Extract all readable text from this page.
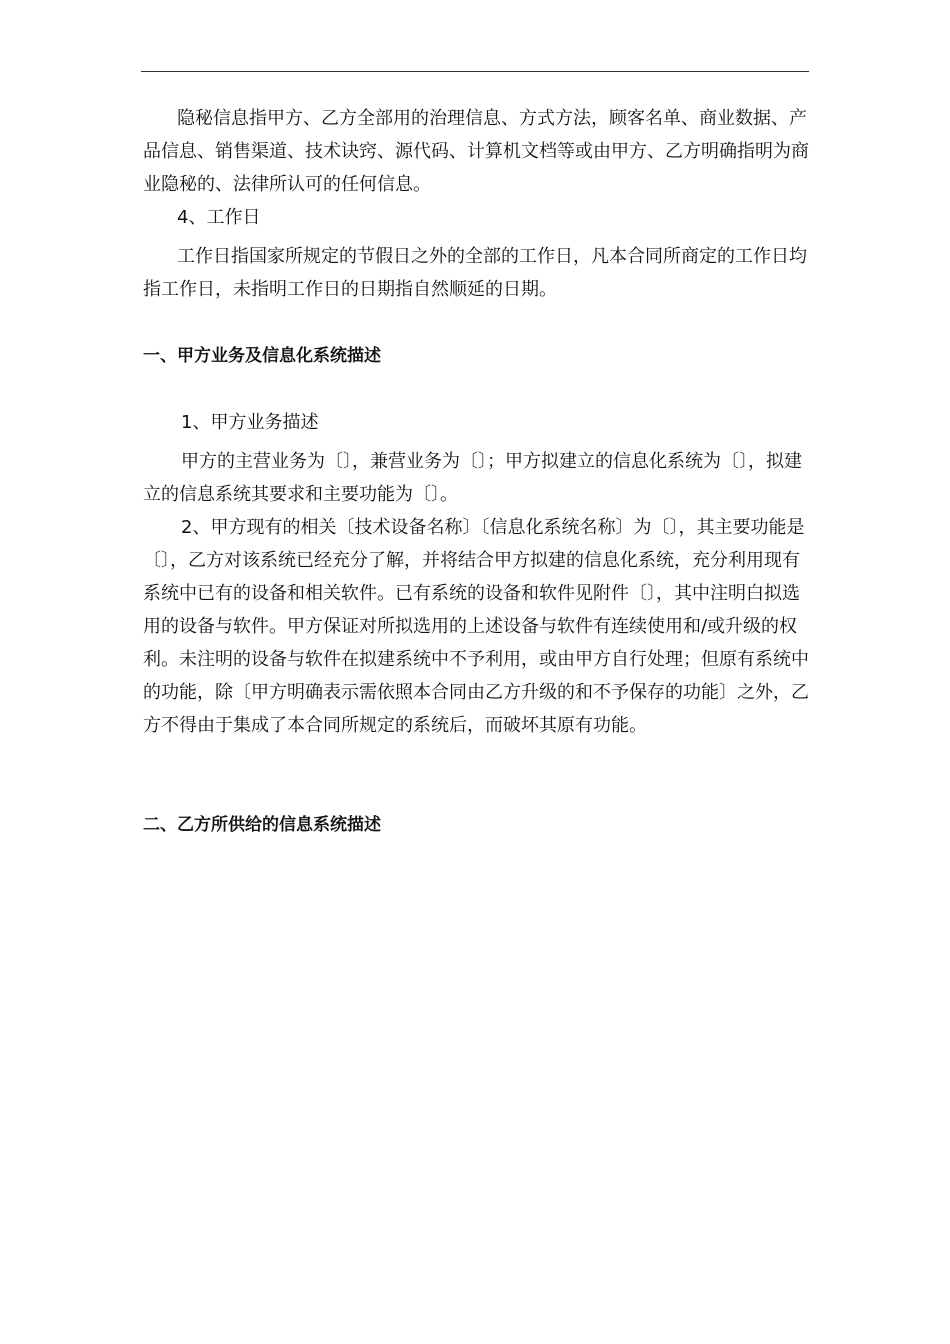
隐秘信息指甲方、乙方全部用的治理信息、方式方法，顾客名单、商业数据、产品信息、销售渠道、技术诀窍、源代码、计算机文档等或由甲方、乙方明确指明为商业隐秘的、法律所认可的任何信息。
4、工作日
工作日指国家所规定的节假日之外的全部的工作日，凡本合同所商定的工作日均指工作日，未指明工作日的日期指自然顺延的日期。
一、甲方业务及信息化系统描述
1、甲方业务描述
甲方的主营业务为〔〕，兼营业务为〔〕；甲方拟建立的信息化系统为〔〕，拟建立的信息系统其要求和主要功能为〔〕。
2、甲方现有的相关〔技术设备名称〕〔信息化系统名称〕为〔〕，其主要功能是〔〕，乙方对该系统已经充分了解，并将结合甲方拟建的信息化系统，充分利用现有系统中已有的设备和相关软件。已有系统的设备和软件见附件〔〕，其中注明白拟选用的设备与软件。甲方保证对所拟选用的上述设备与软件有连续使用和/或升级的权利。未注明的设备与软件在拟建系统中不予利用，或由甲方自行处理；但原有系统中的功能，除〔甲方明确表示需依照本合同由乙方升级的和不予保存的功能〕之外，乙方不得由于集成了本合同所规定的系统后，而破坏其原有功能。
二、乙方所供给的信息系统描述
